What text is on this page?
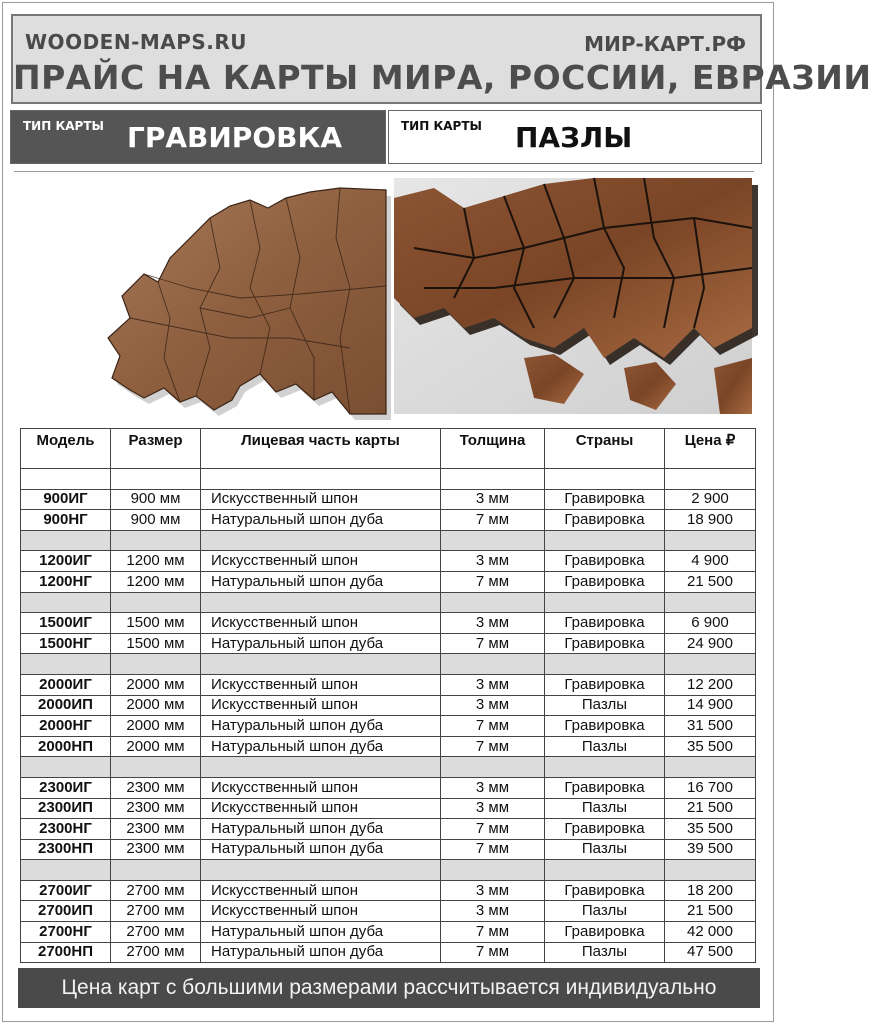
WOODEN-MAPS.RU	МИР-КАРТ.РФ
ПРАЙС НА КАРТЫ МИРА, РОССИИ, ЕВРАЗИИ
ТИП КАРТЫ ГРАВИРОВКА	ТИП КАРТЫ ПАЗЛЫ
Модель	Размер	Лицевая часть карты	Толщина	Страны	Цена ₽

900ИГ	900 мм	Искусственный шпон	3 мм	Гравировка	2 900
900НГ	900 мм	Натуральный шпон дуба	7 мм	Гравировка	18 900

1200ИГ	1200 мм	Искусственный шпон	3 мм	Гравировка	4 900
1200НГ	1200 мм	Натуральный шпон дуба	7 мм	Гравировка	21 500

1500ИГ	1500 мм	Искусственный шпон	3 мм	Гравировка	6 900
1500НГ	1500 мм	Натуральный шпон дуба	7 мм	Гравировка	24 900

2000ИГ	2000 мм	Искусственный шпон	3 мм	Гравировка	12 200
2000ИП	2000 мм	Искусственный шпон	3 мм	Пазлы	14 900
2000НГ	2000 мм	Натуральный шпон дуба	7 мм	Гравировка	31 500
2000НП	2000 мм	Натуральный шпон дуба	7 мм	Пазлы	35 500

2300ИГ	2300 мм	Искусственный шпон	3 мм	Гравировка	16 700
2300ИП	2300 мм	Искусственный шпон	3 мм	Пазлы	21 500
2300НГ	2300 мм	Натуральный шпон дуба	7 мм	Гравировка	35 500
2300НП	2300 мм	Натуральный шпон дуба	7 мм	Пазлы	39 500

2700ИГ	2700 мм	Искусственный шпон	3 мм	Гравировка	18 200
2700ИП	2700 мм	Искусственный шпон	3 мм	Пазлы	21 500
2700НГ	2700 мм	Натуральный шпон дуба	7 мм	Гравировка	42 000
2700НП	2700 мм	Натуральный шпон дуба	7 мм	Пазлы	47 500
Цена карт с большими размерами рассчитывается индивидуально
